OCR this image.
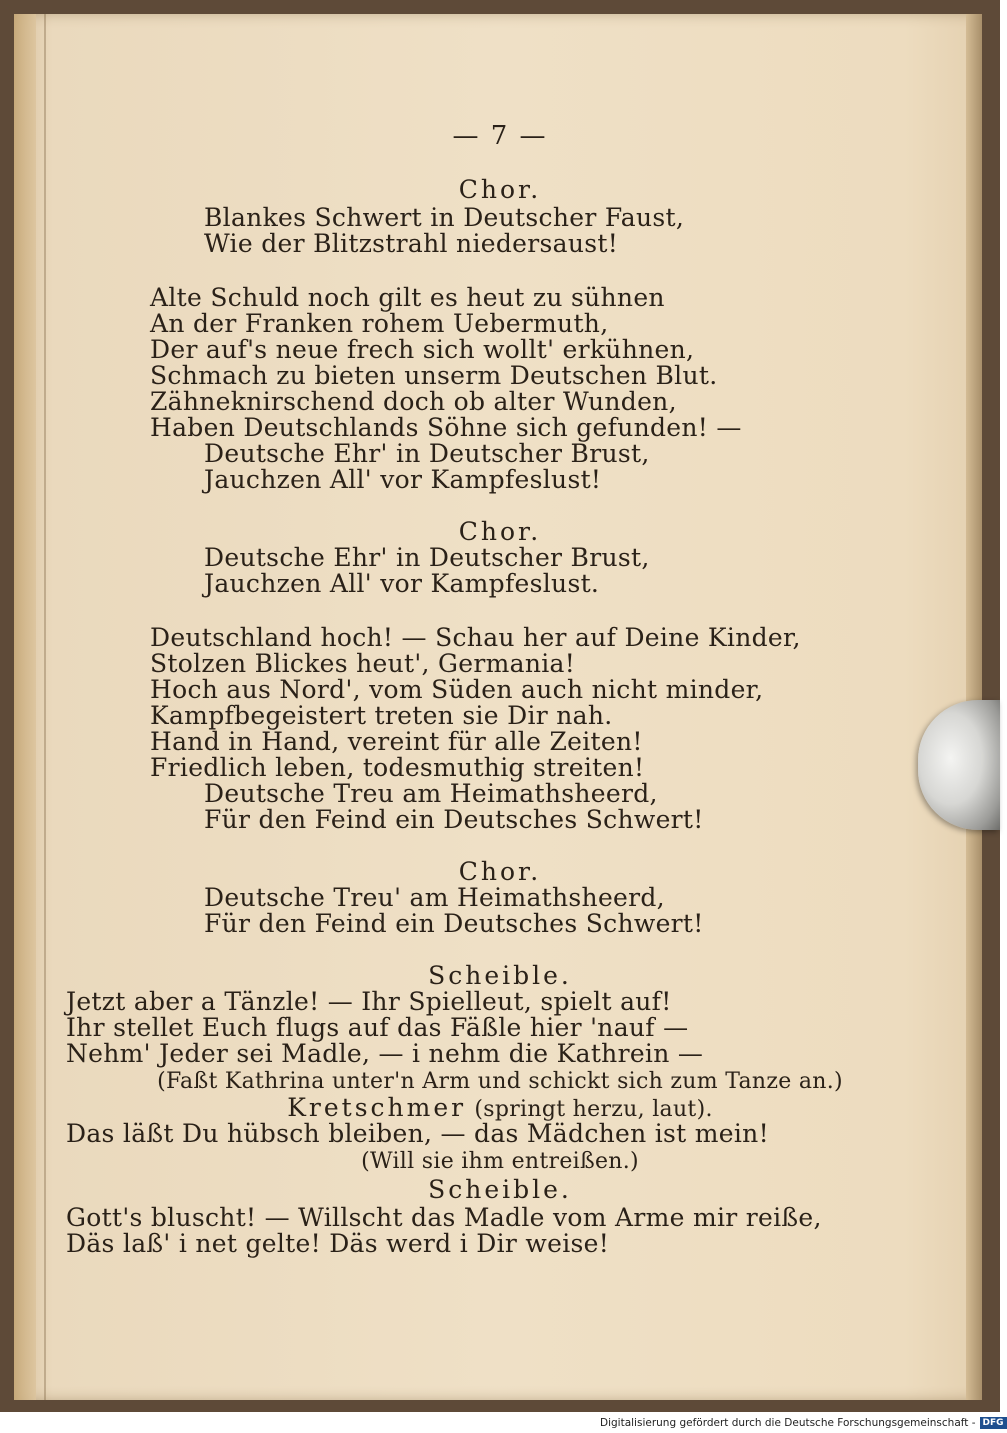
— 7 —
Chor.
Blankes Schwert in Deutscher Faust,
Wie der Blitzstrahl niedersaust!
Alte Schuld noch gilt es heut zu sühnen
An der Franken rohem Uebermuth,
Der auf's neue frech sich wollt' erkühnen,
Schmach zu bieten unserm Deutschen Blut.
Zähneknirschend doch ob alter Wunden,
Haben Deutschlands Söhne sich gefunden! —
Deutsche Ehr' in Deutscher Brust,
Jauchzen All' vor Kampfeslust!
Chor.
Deutsche Ehr' in Deutscher Brust,
Jauchzen All' vor Kampfeslust.
Deutschland hoch! — Schau her auf Deine Kinder,
Stolzen Blickes heut', Germania!
Hoch aus Nord', vom Süden auch nicht minder,
Kampfbegeistert treten sie Dir nah.
Hand in Hand, vereint für alle Zeiten!
Friedlich leben, todesmuthig streiten!
Deutsche Treu am Heimathsheerd,
Für den Feind ein Deutsches Schwert!
Chor.
Deutsche Treu' am Heimathsheerd,
Für den Feind ein Deutsches Schwert!
Scheible.
Jetzt aber a Tänzle! — Ihr Spielleut, spielt auf!
Ihr stellet Euch flugs auf das Fäßle hier 'nauf —
Nehm' Jeder sei Madle, — i nehm die Kathrein —
(Faßt Kathrina unter'n Arm und schickt sich zum Tanze an.)
Kretschmer (springt herzu, laut).
Das läßt Du hübsch bleiben, — das Mädchen ist mein!
(Will sie ihm entreißen.)
Scheible.
Gott's bluscht! — Willscht das Madle vom Arme mir reiße,
Däs laß' i net gelte! Däs werd i Dir weise!
Digitalisierung gefördert durch die Deutsche Forschungsgemeinschaft - DFG
